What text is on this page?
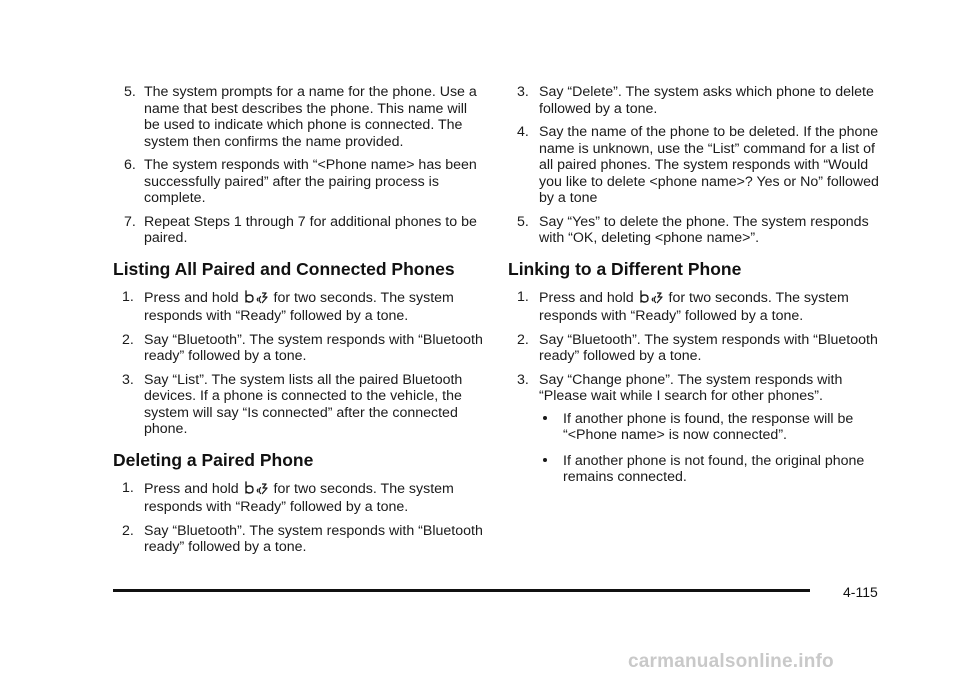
5. The system prompts for a name for the phone. Use a name that best describes the phone. This name will be used to indicate which phone is connected. The system then confirms the name provided.
6. The system responds with “<Phone name> has been successfully paired” after the pairing process is complete.
7. Repeat Steps 1 through 7 for additional phones to be paired.
Listing All Paired and Connected Phones
1. Press and hold  for two seconds. The system responds with “Ready” followed by a tone.
2. Say “Bluetooth”. The system responds with “Bluetooth ready” followed by a tone.
3. Say “List”. The system lists all the paired Bluetooth devices. If a phone is connected to the vehicle, the system will say “Is connected” after the connected phone.
Deleting a Paired Phone
1. Press and hold  for two seconds. The system responds with “Ready” followed by a tone.
2. Say “Bluetooth”. The system responds with “Bluetooth ready” followed by a tone.
3. Say “Delete”. The system asks which phone to delete followed by a tone.
4. Say the name of the phone to be deleted. If the phone name is unknown, use the “List” command for a list of all paired phones. The system responds with “Would you like to delete <phone name>? Yes or No” followed by a tone
5. Say “Yes” to delete the phone. The system responds with “OK, deleting <phone name>”.
Linking to a Different Phone
1. Press and hold  for two seconds. The system responds with “Ready” followed by a tone.
2. Say “Bluetooth”. The system responds with “Bluetooth ready” followed by a tone.
3. Say “Change phone”. The system responds with “Please wait while I search for other phones”.
If another phone is found, the response will be “<Phone name> is now connected”.
If another phone is not found, the original phone remains connected.
4-115
carmanualsonline.info
